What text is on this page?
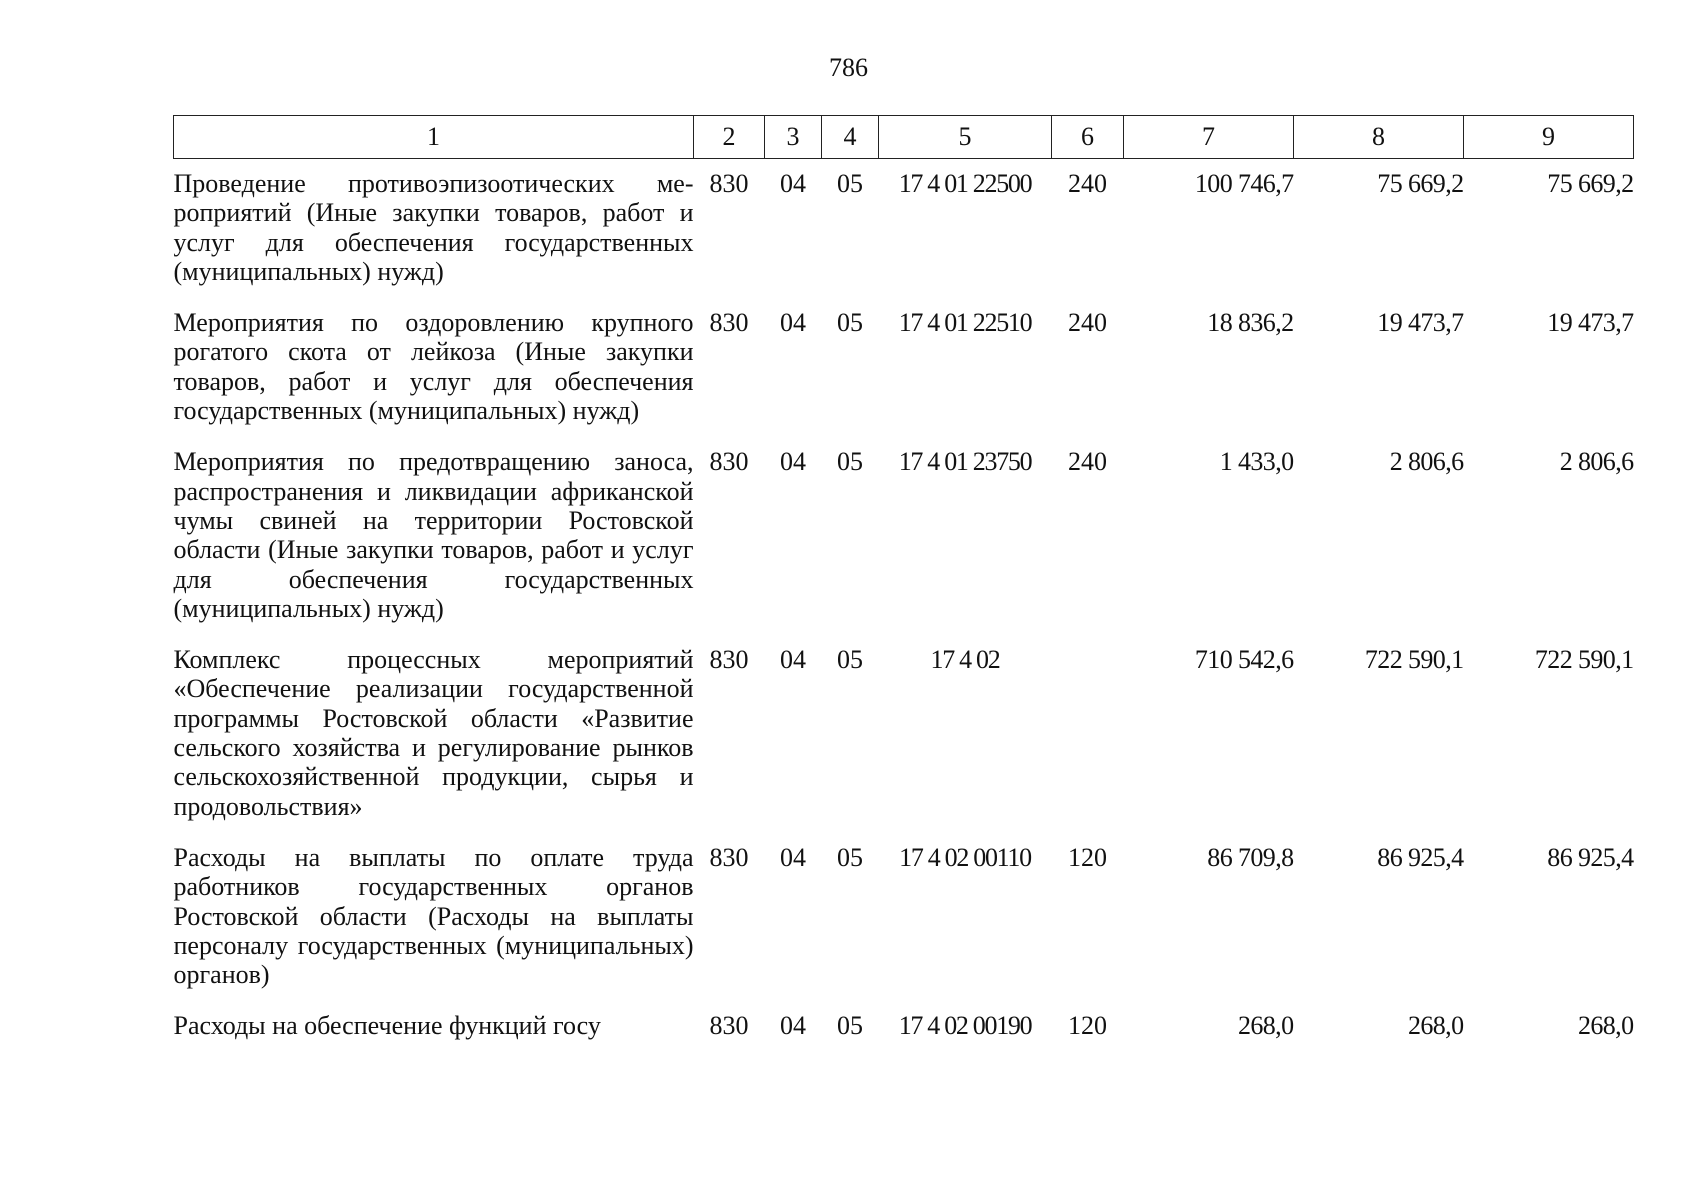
786
1	2	3	4	5	6	7	8	9
Проведение противоэпизоотических мероприятий (Иные закупки товаров, работ и услуг для обеспечения государственных (муниципальных) нужд)	830	04	05	17 4 01 22500	240	100 746,7	75 669,2	75 669,2
Мероприятия по оздоровлению крупного рогатого скота от лейкоза (Иные закупки товаров, работ и услуг для обеспечения государственных (муниципальных) нужд)	830	04	05	17 4 01 22510	240	18 836,2	19 473,7	19 473,7
Мероприятия по предотвращению заноса, распространения и ликвидации африканской чумы свиней на территории Ростовской области (Иные закупки товаров, работ и услуг для обеспечения государственных (муниципальных) нужд)	830	04	05	17 4 01 23750	240	1 433,0	2 806,6	2 806,6
Комплекс процессных мероприятий «Обеспечение реализации государственной программы Ростовской области «Развитие сельского хозяйства и регулирование рынков сельскохозяйственной продукции, сырья и продовольствия»	830	04	05	17 4 02		710 542,6	722 590,1	722 590,1
Расходы на выплаты по оплате труда работников государственных органов Ростовской области (Расходы на выплаты персоналу государственных (муниципальных) органов)	830	04	05	17 4 02 00110	120	86 709,8	86 925,4	86 925,4
Расходы на обеспечение функций госу	830	04	05	17 4 02 00190	120	268,0	268,0	268,0
